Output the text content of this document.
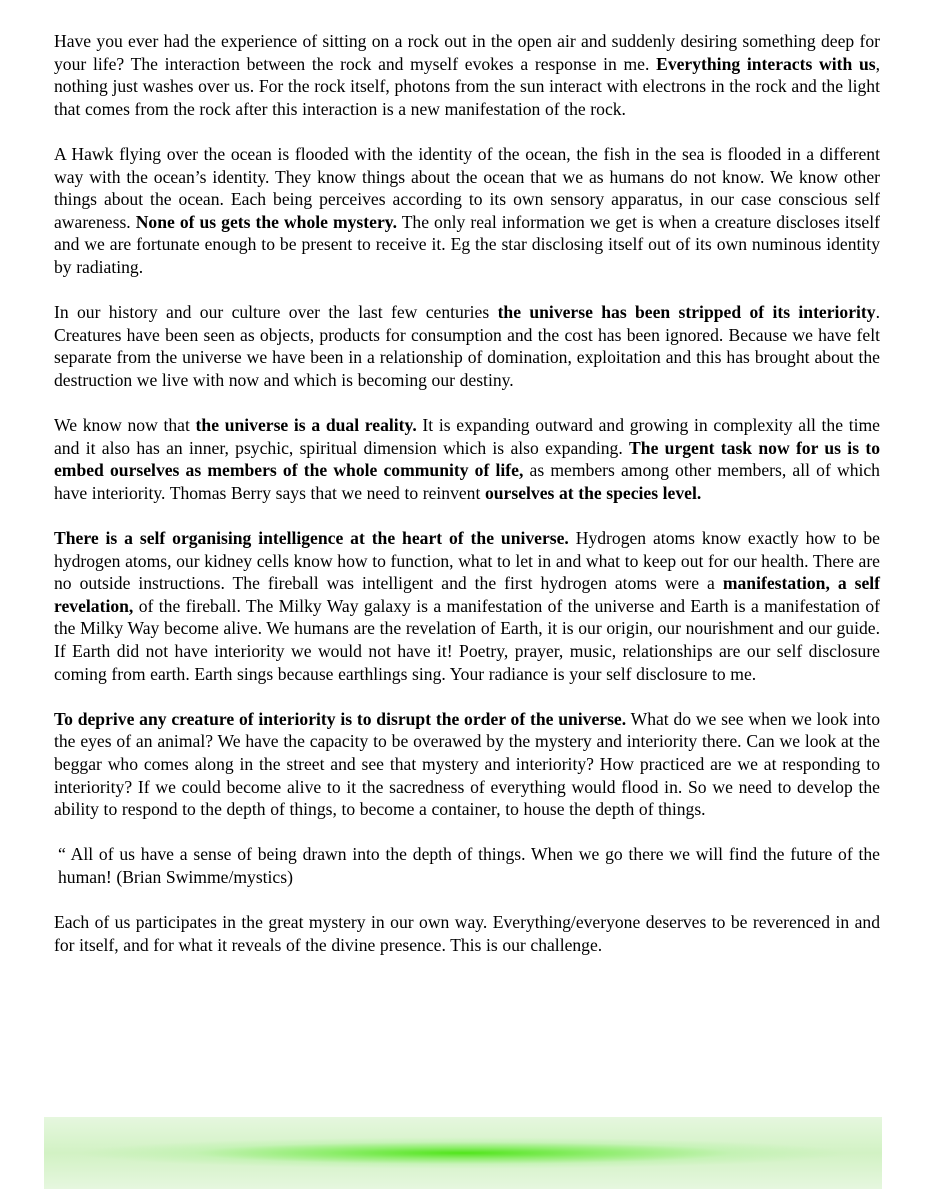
Have you ever had the experience of sitting on a rock out in the open air and suddenly desiring something deep for your life? The interaction between the rock and myself evokes a response in me. Everything interacts with us, nothing just washes over us. For the rock itself, photons from the sun interact with electrons in the rock and the light that comes from the rock after this interaction is a new manifestation of the rock.

A Hawk flying over the ocean is flooded with the identity of the ocean, the fish in the sea is flooded in a different way with the ocean’s identity. They know things about the ocean that we as humans do not know. We know other things about the ocean. Each being perceives according to its own sensory apparatus, in our case conscious self awareness. None of us gets the whole mystery. The only real information we get is when a creature discloses itself and we are fortunate enough to be present to receive it. Eg the star disclosing itself out of its own numinous identity by radiating.

In our history and our culture over the last few centuries the universe has been stripped of its interiority. Creatures have been seen as objects, products for consumption and the cost has been ignored. Because we have felt separate from the universe we have been in a relationship of domination, exploitation and this has brought about the destruction we live with now and which is becoming our destiny.

We know now that the universe is a dual reality. It is expanding outward and growing in complexity all the time and it also has an inner, psychic, spiritual dimension which is also expanding. The urgent task now for us is to embed ourselves as members of the whole community of life, as members among other members, all of which have interiority. Thomas Berry says that we need to reinvent ourselves at the species level.

There is a self organising intelligence at the heart of the universe. Hydrogen atoms know exactly how to be hydrogen atoms, our kidney cells know how to function, what to let in and what to keep out for our health. There are no outside instructions. The fireball was intelligent and the first hydrogen atoms were a manifestation, a self revelation, of the fireball. The Milky Way galaxy is a manifestation of the universe and Earth is a manifestation of the Milky Way become alive. We humans are the revelation of Earth, it is our origin, our nourishment and our guide. If Earth did not have interiority we would not have it! Poetry, prayer, music, relationships are our self disclosure coming from earth. Earth sings because earthlings sing. Your radiance is your self disclosure to me.

To deprive any creature of interiority is to disrupt the order of the universe. What do we see when we look into the eyes of an animal? We have the capacity to be overawed by the mystery and interiority there. Can we look at the beggar who comes along in the street and see that mystery and interiority? How practiced are we at responding to interiority? If we could become alive to it the sacredness of everything would flood in. So we need to develop the ability to respond to the depth of things, to become a container, to house the depth of things.

“ All of us have a sense of being drawn into the depth of things. When we go there we will find the future of the human! (Brian Swimme/mystics)

Each of us participates in the great mystery in our own way. Everything/everyone deserves to be reverenced in and for itself, and for what it reveals of the divine presence. This is our challenge.
